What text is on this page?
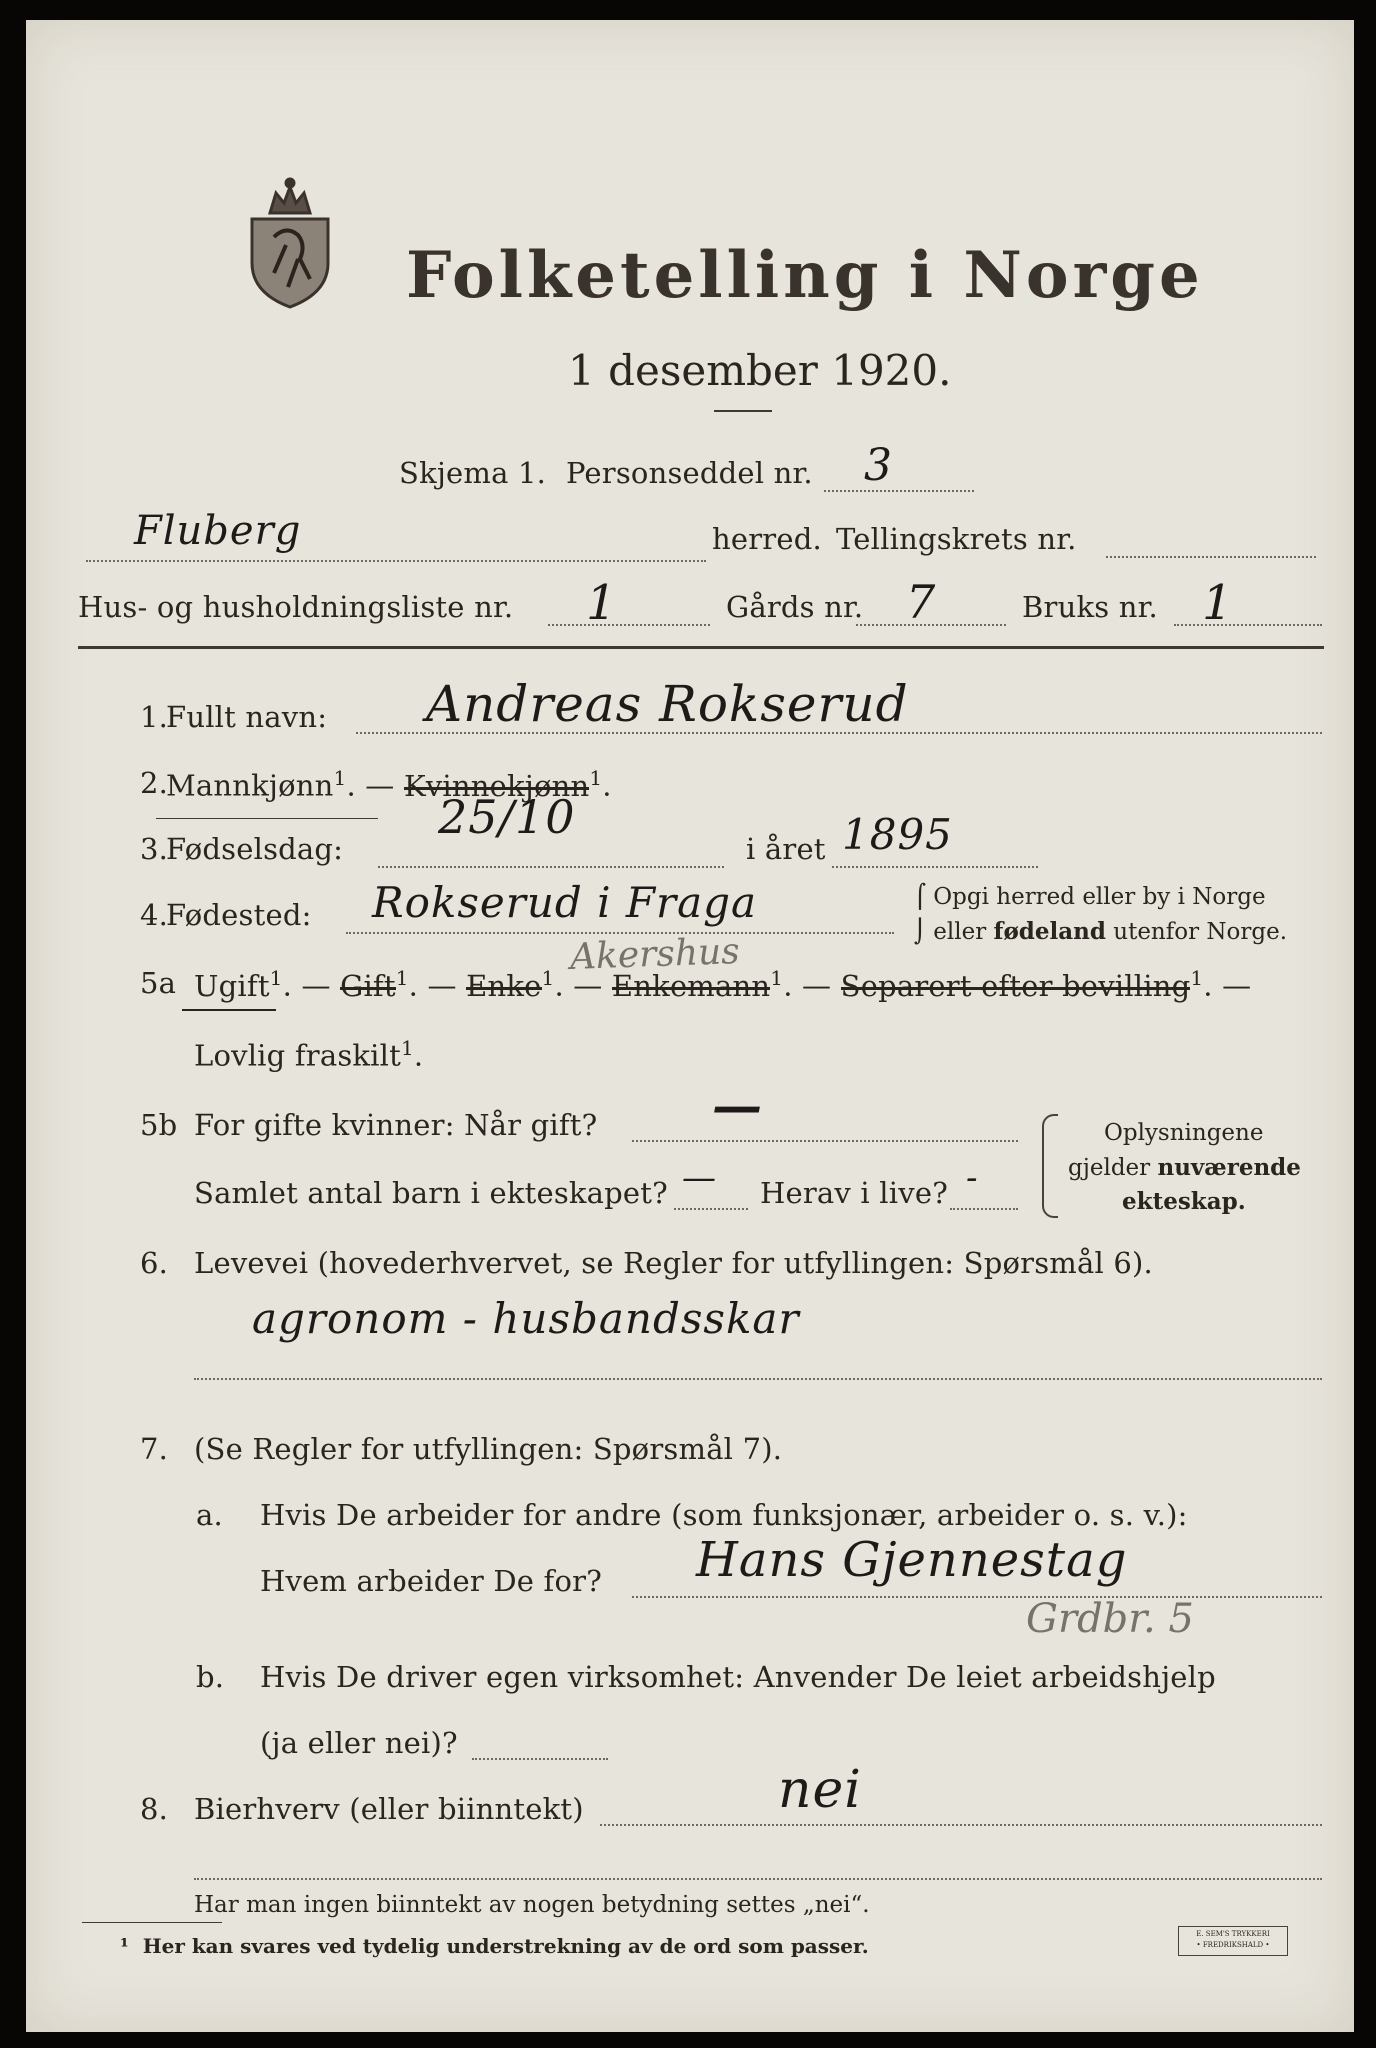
Folketelling i Norge
1 desember 1920.
Skjema 1. Personseddel nr. 3
Fluberg	herred. Tellingskrets nr.
Hus- og husholdningsliste nr. 1	Gårds nr. 7	Bruks nr. 1
1.
Fullt navn: Andreas Rokserud
2.
Mannkjønn$^1$. — Kvinnekjønn
$^1$.
3.
Fødselsdag:
25/10
i året 1895
4.
Fødested: Rokserud i Fraga
Akershus
⌠ Opgi herred eller by i Norge
⌡ eller fødeland utenfor Norge.
5a Ugift
$^1$. — Gift
$^1$. — Enke
$^1$. — Enkemann
$^1$. — Separert efter bevilling
$^1$. —
Lovlig fraskilt$^1$.
5b For gifte kvinner: Når gift? —
Samlet antal barn i ekteskapet? — Herav i live? -
Oplysningene
gjelder nuværende
ekteskap.
6. Levevei (hovederhvervet, se Regler for utfyllingen: Spørsmål 6).
agronom - husbandsskar
7. (Se Regler for utfyllingen: Spørsmål 7).
a. Hvis De arbeider for andre (som funksjonær, arbeider o. s. v.):
Hvem arbeider De for? Hans Gjennestag
Grdbr. 5
b. Hvis De driver egen virksomhet: Anvender De leiet arbeidshjelp
(ja eller nei)?
8. Bierhverv (eller biinntekt)	nei
Har man ingen biinntekt av nogen betydning settes „nei“.
¹ Her kan svares ved tydelig understrekning av de ord som passer.	E. SEM'S TRYKKERI
• FREDRIKSHALD •
